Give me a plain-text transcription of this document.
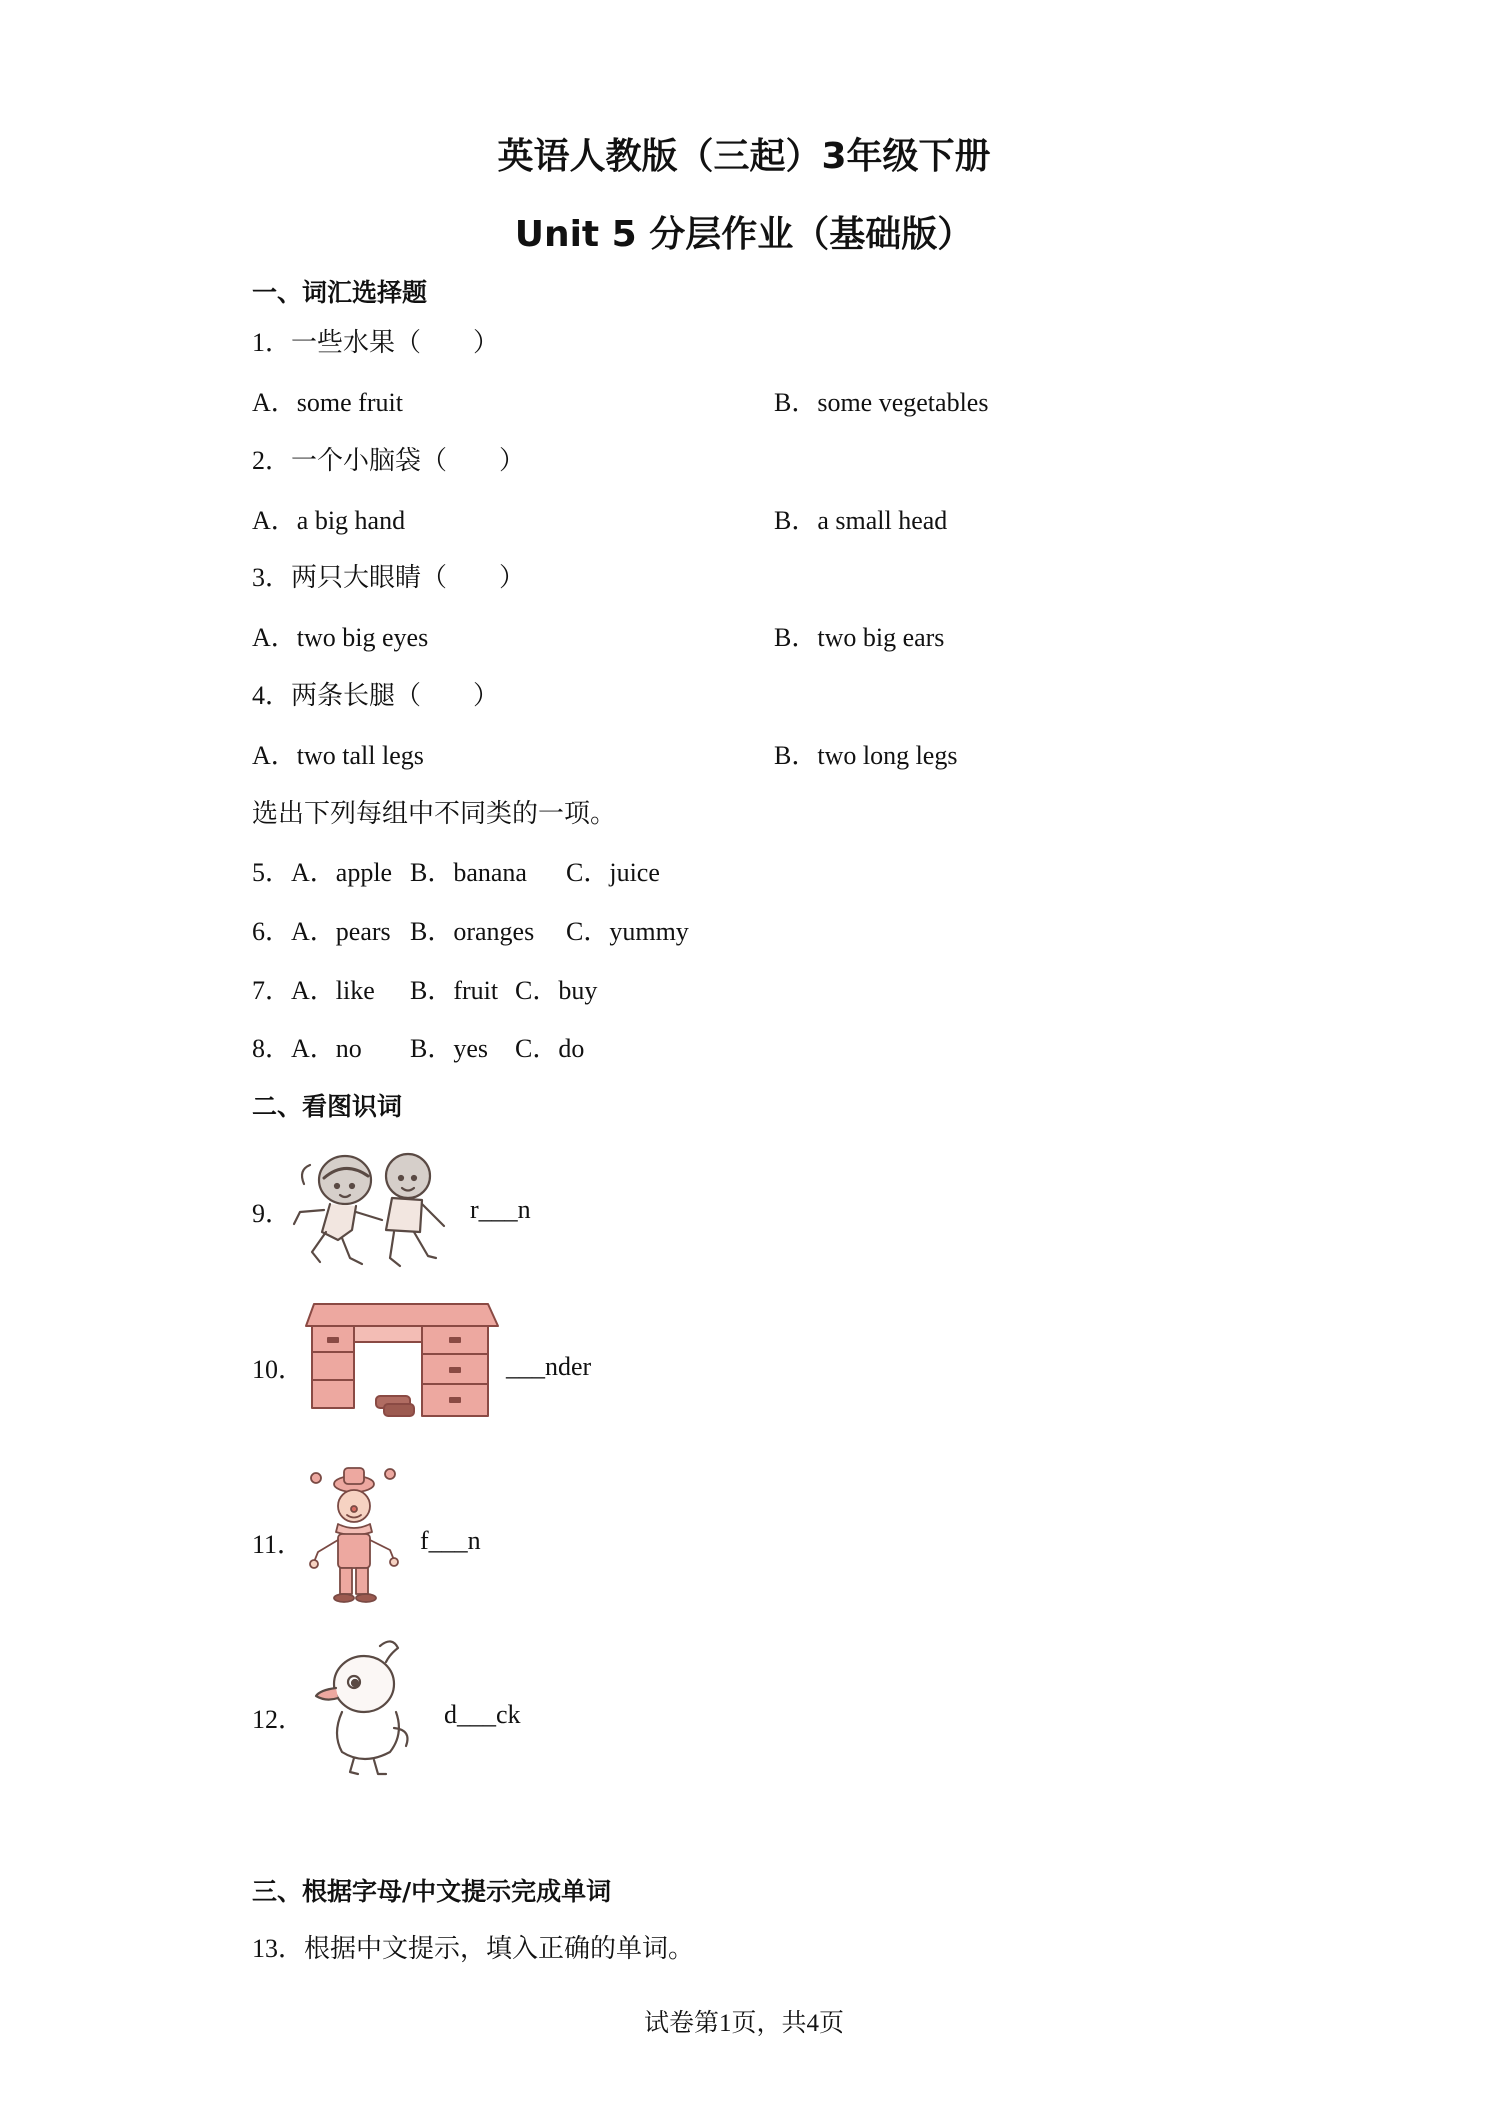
英语人教版（三起）3年级下册
Unit 5 分层作业（基础版）
一、词汇选择题
1．一些水果（　　）
A．some fruit	B．some vegetables
2．一个小脑袋（　　）
A．a big hand	B．a small head
3．两只大眼睛（　　）
A．two big eyes	B．two big ears
4．两条长腿（　　）
A．two tall legs	B．two long legs
选出下列每组中不同类的一项。
5． A．apple B．banana C．juice
6． A．pears B．oranges C．yummy
7． A．like B．fruit C．buy
8． A．no B．yes C．do
二、看图识词
9．	r___n
10．	___nder
11．	f___n
12．	d___ck
三、根据字母/中文提示完成单词
13．根据中文提示，填入正确的单词。
试卷第1页，共4页
